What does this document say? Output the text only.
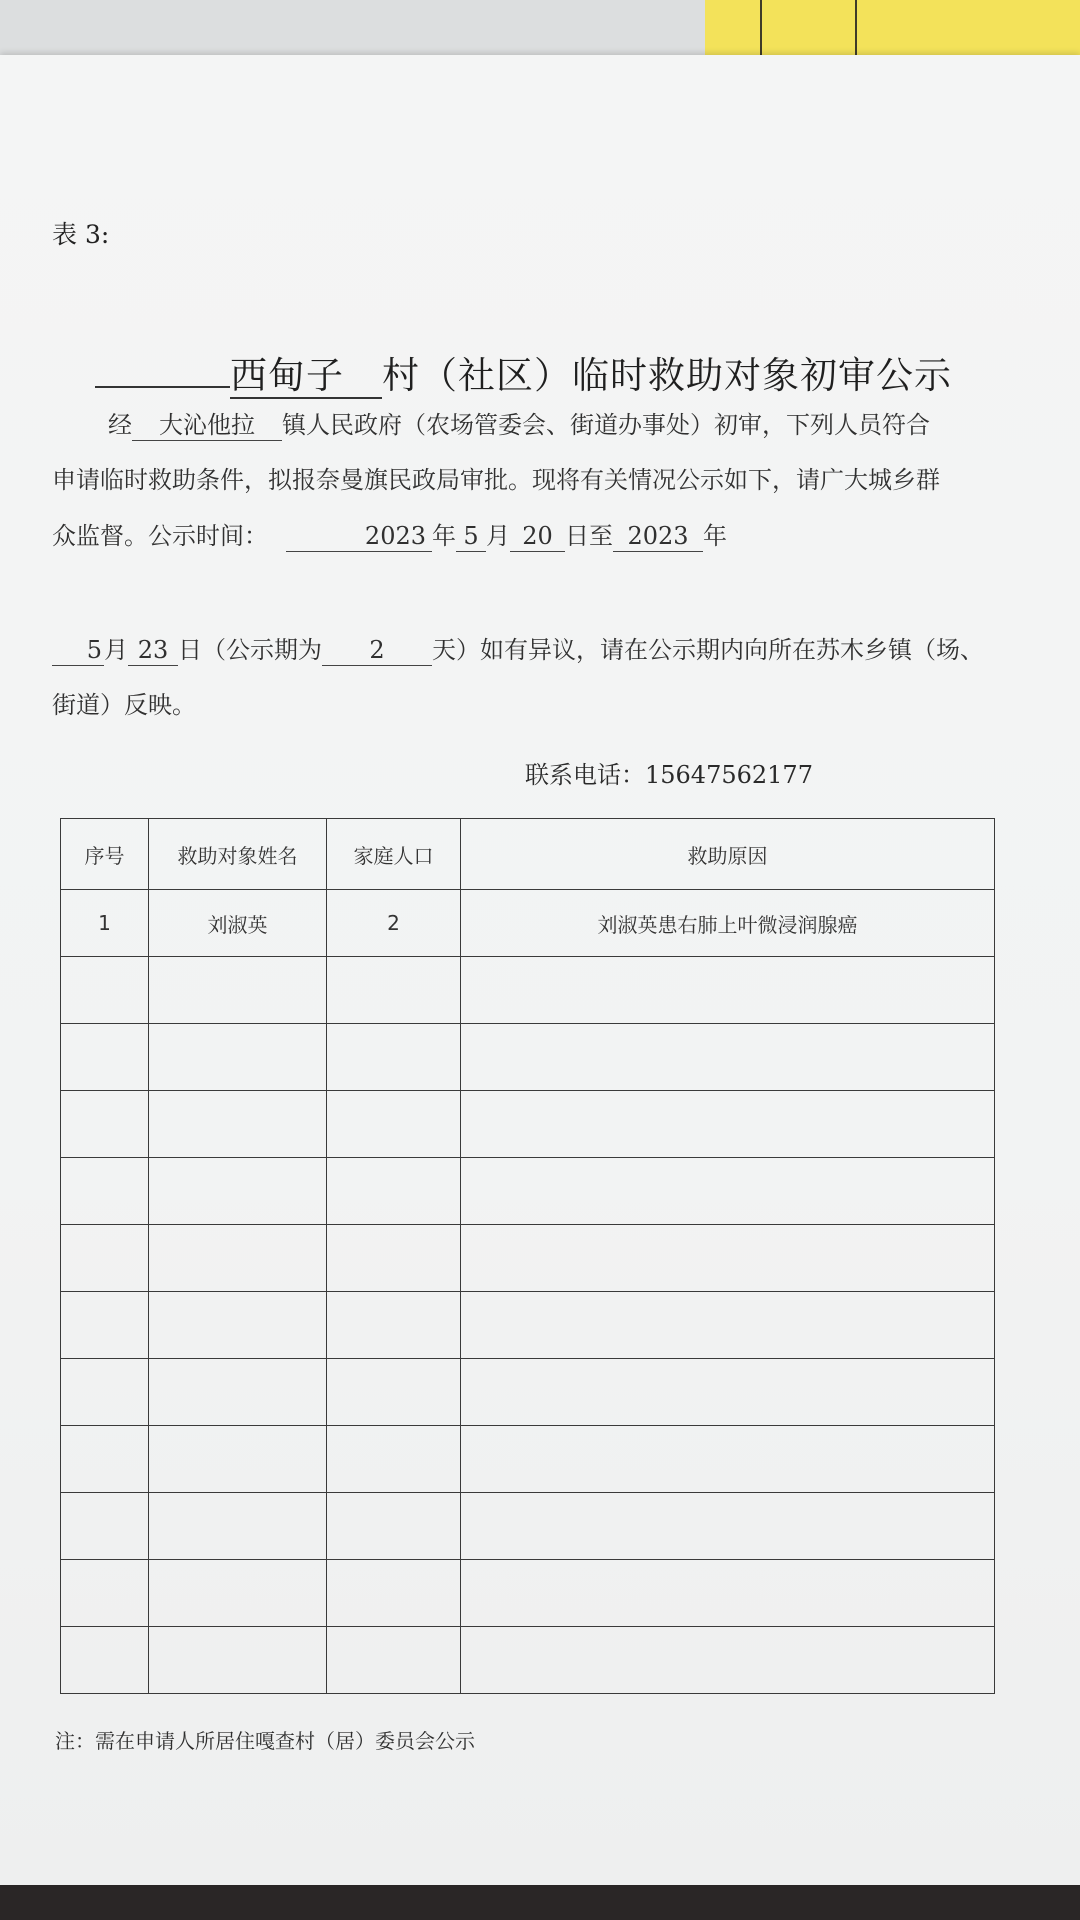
表 3:
西甸子 村（社区）临时救助对象初审公示
经 大沁他拉 镇人民政府（农场管委会、街道办事处）初审，下列人员符合
申请临时救助条件，拟报奈曼旗民政局审批。现将有关情况公示如下，请广大城乡群
众监督。公示时间：	2023 年 5 月 20 日至 2023 年
5月 23 日（公示期为 2 天）如有异议，请在公示期内向所在苏木乡镇（场、
街道）反映。
联系电话：15647562177
序号	救助对象姓名	家庭人口	救助原因
1	刘淑英	2	刘淑英患右肺上叶微浸润腺癌

注：需在申请人所居住嘎查村（居）委员会公示
